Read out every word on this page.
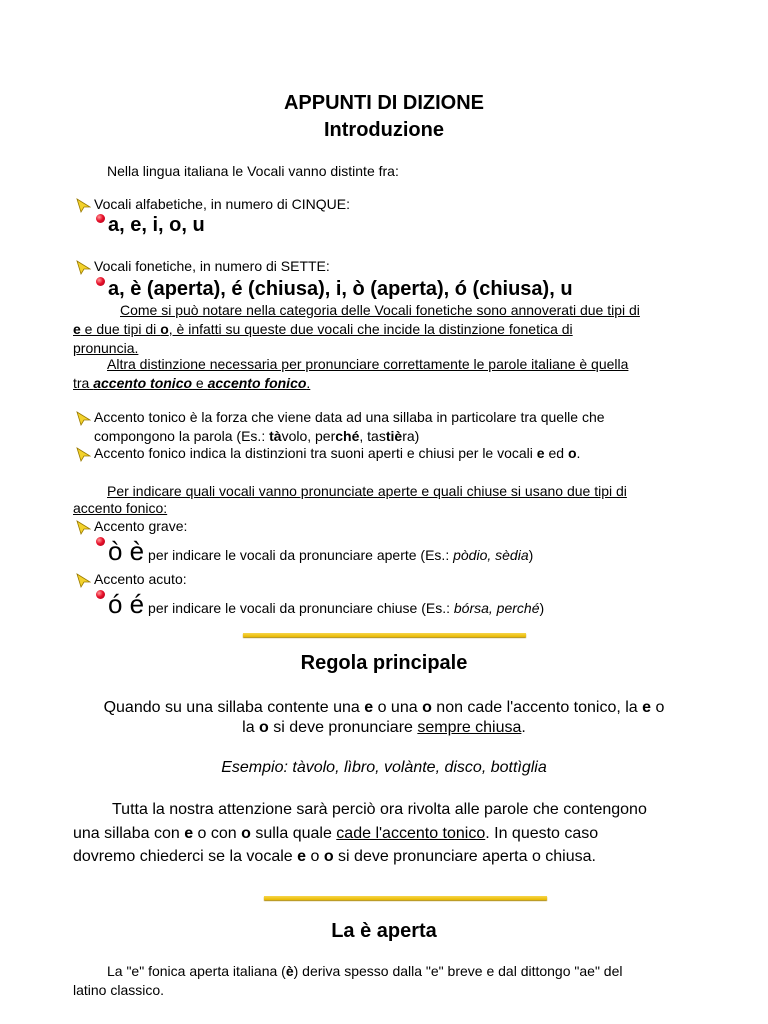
APPUNTI DI DIZIONE
Introduzione
Nella lingua italiana le Vocali vanno distinte fra:
Vocali alfabetiche, in numero di CINQUE:
a, e, i, o, u
Vocali fonetiche, in numero di SETTE:
a, è (aperta), é (chiusa), i, ò (aperta), ó (chiusa), u
Come si può notare nella categoria delle Vocali fonetiche sono annoverati due tipi di
e e due tipi di o, è infatti su queste due vocali che incide la distinzione fonetica di
pronuncia.
Altra distinzione necessaria per pronunciare correttamente le parole italiane è quella
tra accento tonico e accento fonico.
Accento tonico è la forza che viene data ad una sillaba in particolare tra quelle che
compongono la parola (Es.: tàvolo, perché, tastièra)
Accento fonico indica la distinzioni tra suoni aperti e chiusi per le vocali e ed o.
Per indicare quali vocali vanno pronunciate aperte e quali chiuse si usano due tipi di
accento fonico:
Accento grave:
ò è per indicare le vocali da pronunciare aperte (Es.: pòdio, sèdia)
Accento acuto:
ó é per indicare le vocali da pronunciare chiuse (Es.: bórsa, perché)
Regola principale
Quando su una sillaba contente una e o una o non cade l'accento tonico, la e o
la o si deve pronunciare sempre chiusa.
Esempio: tàvolo, lìbro, volànte, disco, bottìglia
Tutta la nostra attenzione sarà perciò ora rivolta alle parole che contengono
una sillaba con e o con o sulla quale cade l'accento tonico. In questo caso
dovremo chiederci se la vocale e o o si deve pronunciare aperta o chiusa.
La è aperta
La "e" fonica aperta italiana (è) deriva spesso dalla "e" breve e dal dittongo "ae" del
latino classico.
